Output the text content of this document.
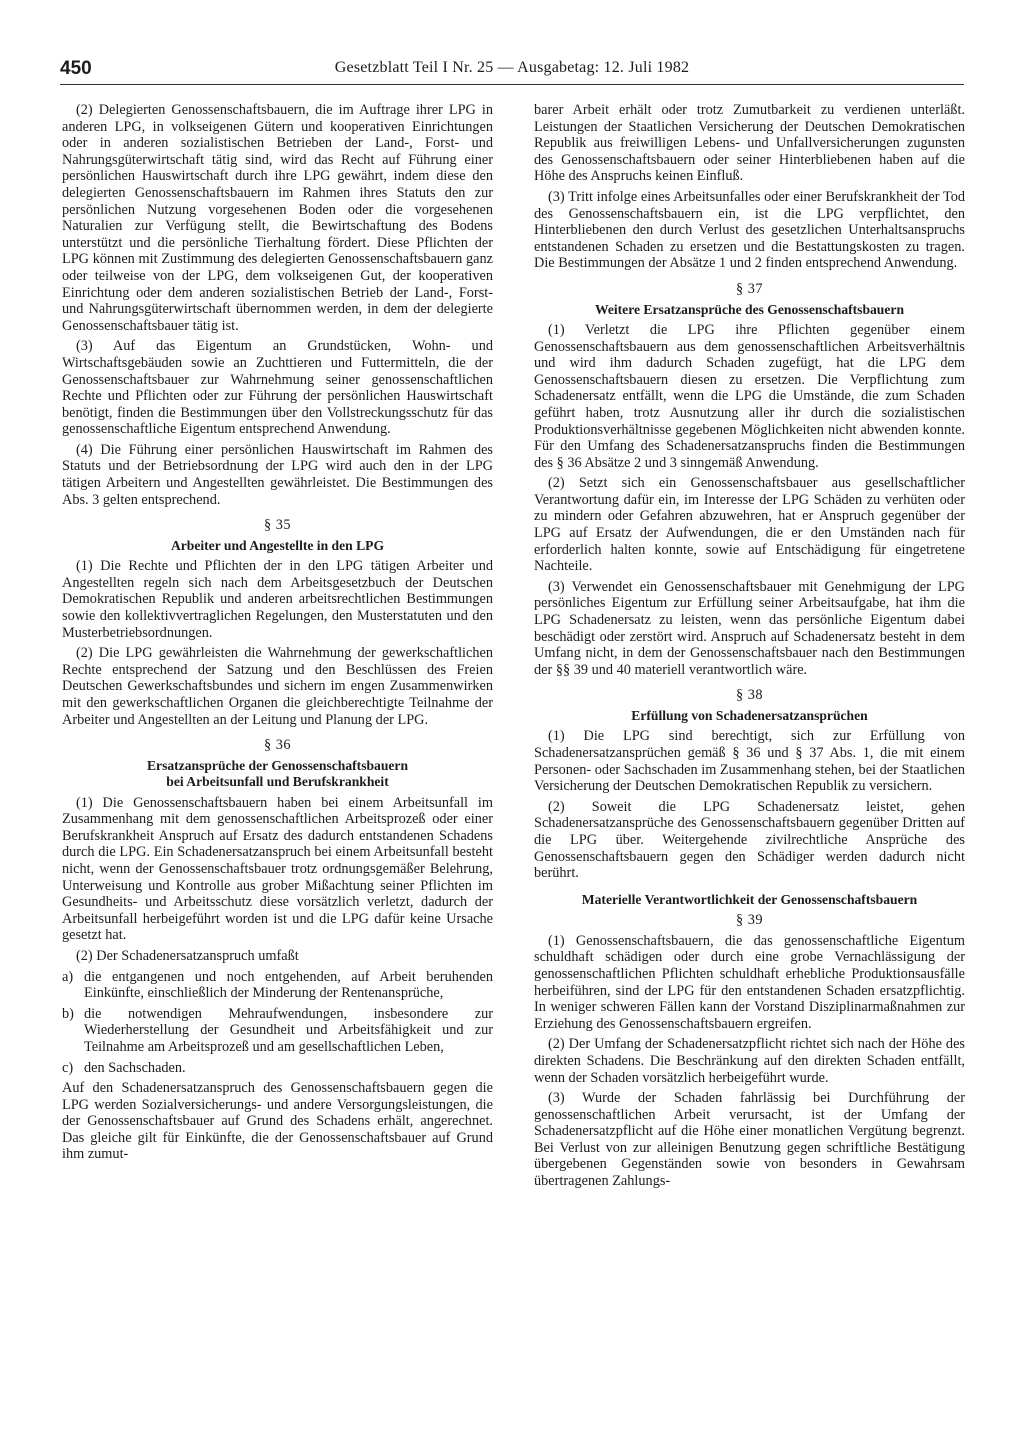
450	Gesetzblatt Teil I Nr. 25 — Ausgabetag: 12. Juli 1982

(2) Delegierten Genossenschaftsbauern, die im Auftrage ihrer LPG in anderen LPG, in volkseigenen Gütern und kooperativen Einrichtungen oder in anderen sozialistischen Betrieben der Land-, Forst- und Nahrungsgüterwirtschaft tätig sind, wird das Recht auf Führung einer persönlichen Hauswirtschaft durch ihre LPG gewährt, indem diese den delegierten Genossenschaftsbauern im Rahmen ihres Statuts den zur persönlichen Nutzung vorgesehenen Boden oder die vorgesehenen Naturalien zur Verfügung stellt, die Bewirtschaftung des Bodens unterstützt und die persönliche Tierhaltung fördert. Diese Pflichten der LPG können mit Zustimmung des delegierten Genossenschaftsbauern ganz oder teilweise von der LPG, dem volkseigenen Gut, der kooperativen Einrichtung oder dem anderen sozialistischen Betrieb der Land-, Forst- und Nahrungsgüterwirtschaft übernommen werden, in dem der delegierte Genossenschaftsbauer tätig ist.

(3) Auf das Eigentum an Grundstücken, Wohn- und Wirtschaftsgebäuden sowie an Zuchttieren und Futtermitteln, die der Genossenschaftsbauer zur Wahrnehmung seiner genossenschaftlichen Rechte und Pflichten oder zur Führung der persönlichen Hauswirtschaft benötigt, finden die Bestimmungen über den Vollstreckungsschutz für das genossenschaftliche Eigentum entsprechend Anwendung.

(4) Die Führung einer persönlichen Hauswirtschaft im Rahmen des Statuts und der Betriebsordnung der LPG wird auch den in der LPG tätigen Arbeitern und Angestellten gewährleistet. Die Bestimmungen des Abs. 3 gelten entsprechend.

§ 35
Arbeiter und Angestellte in den LPG

(1) Die Rechte und Pflichten der in den LPG tätigen Arbeiter und Angestellten regeln sich nach dem Arbeitsgesetzbuch der Deutschen Demokratischen Republik und anderen arbeitsrechtlichen Bestimmungen sowie den kollektivvertraglichen Regelungen, den Musterstatuten und den Musterbetriebsordnungen.

(2) Die LPG gewährleisten die Wahrnehmung der gewerkschaftlichen Rechte entsprechend der Satzung und den Beschlüssen des Freien Deutschen Gewerkschaftsbundes und sichern im engen Zusammenwirken mit den gewerkschaftlichen Organen die gleichberechtigte Teilnahme der Arbeiter und Angestellten an der Leitung und Planung der LPG.

§ 36
Ersatzansprüche der Genossenschaftsbauern
bei Arbeitsunfall und Berufskrankheit

(1) Die Genossenschaftsbauern haben bei einem Arbeitsunfall im Zusammenhang mit dem genossenschaftlichen Arbeitsprozeß oder einer Berufskrankheit Anspruch auf Ersatz des dadurch entstandenen Schadens durch die LPG. Ein Schadenersatzanspruch bei einem Arbeitsunfall besteht nicht, wenn der Genossenschaftsbauer trotz ordnungsgemäßer Belehrung, Unterweisung und Kontrolle aus grober Mißachtung seiner Pflichten im Gesundheits- und Arbeitsschutz diese vorsätzlich verletzt, dadurch der Arbeitsunfall herbeigeführt worden ist und die LPG dafür keine Ursache gesetzt hat.

(2) Der Schadenersatzanspruch umfaßt

a) die entgangenen und noch entgehenden, auf Arbeit beruhenden Einkünfte, einschließlich der Minderung der Rentenansprüche,
b) die notwendigen Mehraufwendungen, insbesondere zur Wiederherstellung der Gesundheit und Arbeitsfähigkeit und zur Teilnahme am Arbeitsprozeß und am gesellschaftlichen Leben,
c) den Sachschaden.

Auf den Schadenersatzanspruch des Genossenschaftsbauern gegen die LPG werden Sozialversicherungs- und andere Versorgungsleistungen, die der Genossenschaftsbauer auf Grund des Schadens erhält, angerechnet. Das gleiche gilt für Einkünfte, die der Genossenschaftsbauer auf Grund ihm zumut-

barer Arbeit erhält oder trotz Zumutbarkeit zu verdienen unterläßt. Leistungen der Staatlichen Versicherung der Deutschen Demokratischen Republik aus freiwilligen Lebens- und Unfallversicherungen zugunsten des Genossenschaftsbauern oder seiner Hinterbliebenen haben auf die Höhe des Anspruchs keinen Einfluß.

(3) Tritt infolge eines Arbeitsunfalles oder einer Berufskrankheit der Tod des Genossenschaftsbauern ein, ist die LPG verpflichtet, den Hinterbliebenen den durch Verlust des gesetzlichen Unterhaltsanspruchs entstandenen Schaden zu ersetzen und die Bestattungskosten zu tragen. Die Bestimmungen der Absätze 1 und 2 finden entsprechend Anwendung.

§ 37
Weitere Ersatzansprüche des Genossenschaftsbauern

(1) Verletzt die LPG ihre Pflichten gegenüber einem Genossenschaftsbauern aus dem genossenschaftlichen Arbeitsverhältnis und wird ihm dadurch Schaden zugefügt, hat die LPG dem Genossenschaftsbauern diesen zu ersetzen. Die Verpflichtung zum Schadenersatz entfällt, wenn die LPG die Umstände, die zum Schaden geführt haben, trotz Ausnutzung aller ihr durch die sozialistischen Produktionsverhältnisse gegebenen Möglichkeiten nicht abwenden konnte. Für den Umfang des Schadenersatzanspruchs finden die Bestimmungen des § 36 Absätze 2 und 3 sinngemäß Anwendung.

(2) Setzt sich ein Genossenschaftsbauer aus gesellschaftlicher Verantwortung dafür ein, im Interesse der LPG Schäden zu verhüten oder zu mindern oder Gefahren abzuwehren, hat er Anspruch gegenüber der LPG auf Ersatz der Aufwendungen, die er den Umständen nach für erforderlich halten konnte, sowie auf Entschädigung für eingetretene Nachteile.

(3) Verwendet ein Genossenschaftsbauer mit Genehmigung der LPG persönliches Eigentum zur Erfüllung seiner Arbeitsaufgabe, hat ihm die LPG Schadenersatz zu leisten, wenn das persönliche Eigentum dabei beschädigt oder zerstört wird. Anspruch auf Schadenersatz besteht in dem Umfang nicht, in dem der Genossenschaftsbauer nach den Bestimmungen der §§ 39 und 40 materiell verantwortlich wäre.

§ 38
Erfüllung von Schadenersatzansprüchen

(1) Die LPG sind berechtigt, sich zur Erfüllung von Schadenersatzansprüchen gemäß § 36 und § 37 Abs. 1, die mit einem Personen- oder Sachschaden im Zusammenhang stehen, bei der Staatlichen Versicherung der Deutschen Demokratischen Republik zu versichern.

(2) Soweit die LPG Schadenersatz leistet, gehen Schadenersatzansprüche des Genossenschaftsbauern gegenüber Dritten auf die LPG über. Weitergehende zivilrechtliche Ansprüche des Genossenschaftsbauern gegen den Schädiger werden dadurch nicht berührt.

Materielle Verantwortlichkeit der Genossenschaftsbauern
§ 39

(1) Genossenschaftsbauern, die das genossenschaftliche Eigentum schuldhaft schädigen oder durch eine grobe Vernachlässigung der genossenschaftlichen Pflichten schuldhaft erhebliche Produktionsausfälle herbeiführen, sind der LPG für den entstandenen Schaden ersatzpflichtig. In weniger schweren Fällen kann der Vorstand Disziplinarmaßnahmen zur Erziehung des Genossenschaftsbauern ergreifen.

(2) Der Umfang der Schadenersatzpflicht richtet sich nach der Höhe des direkten Schadens. Die Beschränkung auf den direkten Schaden entfällt, wenn der Schaden vorsätzlich herbeigeführt wurde.

(3) Wurde der Schaden fahrlässig bei Durchführung der genossenschaftlichen Arbeit verursacht, ist der Umfang der Schadenersatzpflicht auf die Höhe einer monatlichen Vergütung begrenzt. Bei Verlust von zur alleinigen Benutzung gegen schriftliche Bestätigung übergebenen Gegenständen sowie von besonders in Gewahrsam übertragenen Zahlungs-
